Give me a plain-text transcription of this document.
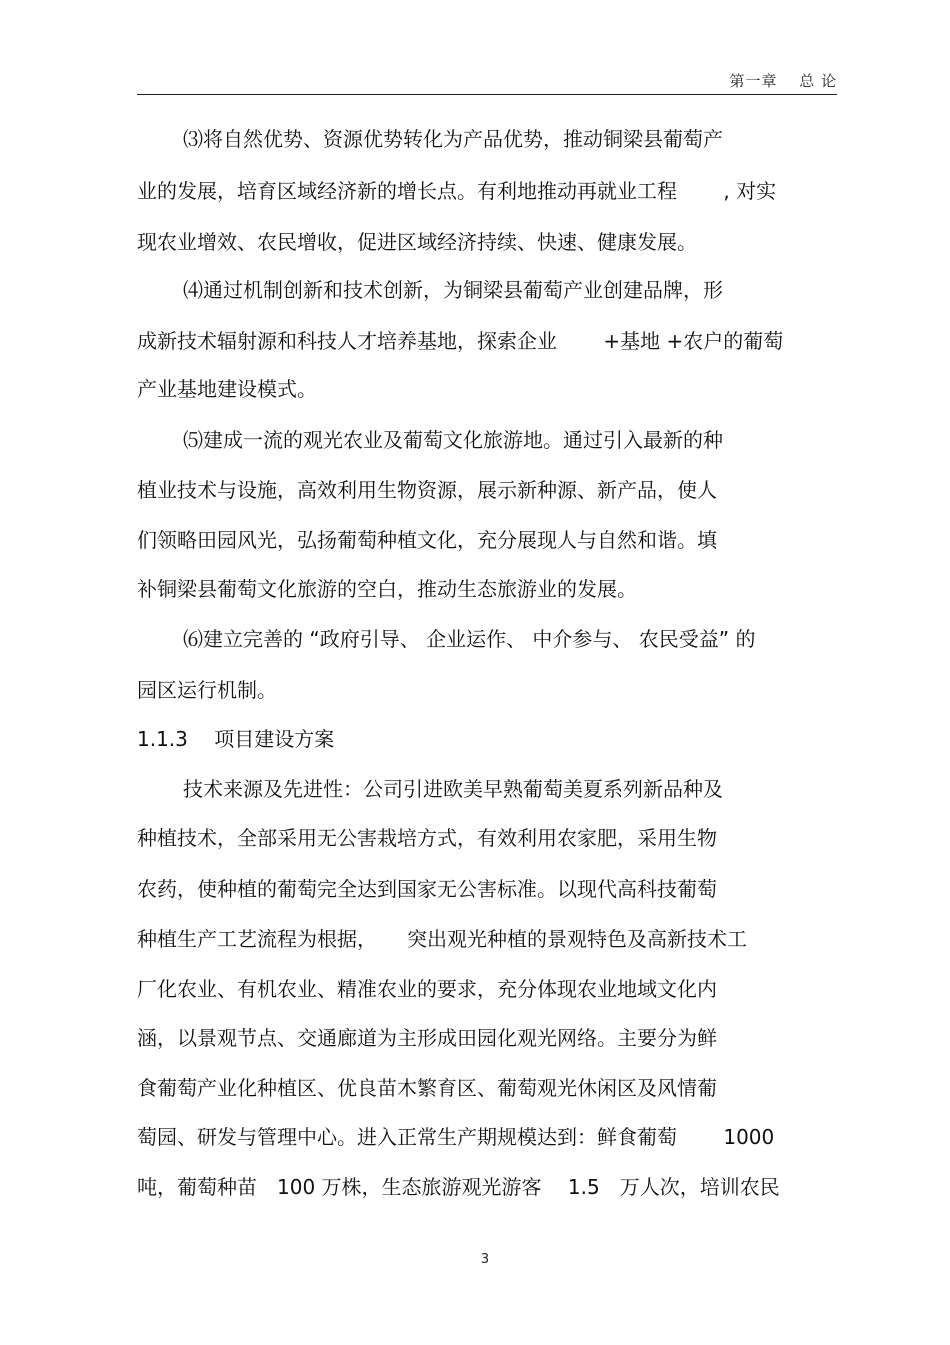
第一章　 总 论
⑶将自然优势、资源优势转化为产品优势，推动铜梁县葡萄产
业的发展，培育区域经济新的增长点。有利地推动再就业工程　　 , 对实
现农业增效、农民增收，促进区域经济持续、快速、健康发展。
⑷通过机制创新和技术创新，为铜梁县葡萄产业创建品牌，形
成新技术辐射源和科技人才培养基地，探索企业　　 +基地 +农户的葡萄
产业基地建设模式。
⑸建成一流的观光农业及葡萄文化旅游地。通过引入最新的种
植业技术与设施，高效利用生物资源，展示新种源、新产品，使人
们领略田园风光，弘扬葡萄种植文化，充分展现人与自然和谐。填
补铜梁县葡萄文化旅游的空白，推动生态旅游业的发展。
⑹建立完善的 “政府引导、 企业运作、 中介参与、 农民受益” 的
园区运行机制。
1.1.3　 项目建设方案
技术来源及先进性：公司引进欧美早熟葡萄美夏系列新品种及
种植技术，全部采用无公害栽培方式，有效利用农家肥，采用生物
农药，使种植的葡萄完全达到国家无公害标准。以现代高科技葡萄
种植生产工艺流程为根据，　　突出观光种植的景观特色及高新技术工
厂化农业、有机农业、精准农业的要求，充分体现农业地域文化内
涵，以景观节点、交通廊道为主形成田园化观光网络。主要分为鲜
食葡萄产业化种植区、优良苗木繁育区、葡萄观光休闲区及风情葡
萄园、研发与管理中心。进入正常生产期规模达到：鲜食葡萄　　 1000
吨，葡萄种苗　100 万株，生态旅游观光游客　 1.5　万人次，培训农民
3
